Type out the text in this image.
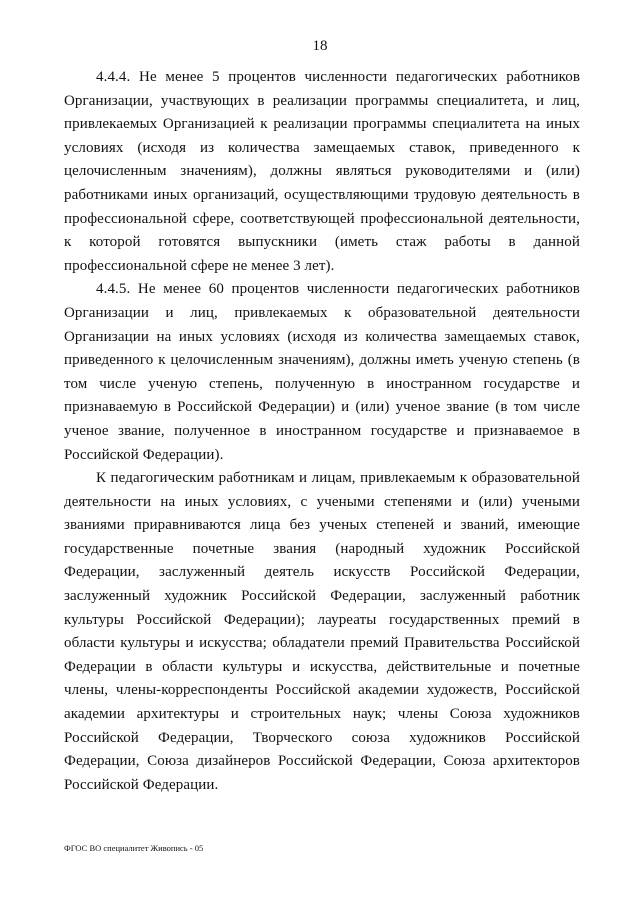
18

4.4.4. Не менее 5 процентов численности педагогических работников Организации, участвующих в реализации программы специалитета, и лиц, привлекаемых Организацией к реализации программы специалитета на иных условиях (исходя из количества замещаемых ставок, приведенного к целочисленным значениям), должны являться руководителями и (или) работниками иных организаций, осуществляющими трудовую деятельность в профессиональной сфере, соответствующей профессиональной деятельности, к которой готовятся выпускники (иметь стаж работы в данной профессиональной сфере не менее 3 лет).

4.4.5. Не менее 60 процентов численности педагогических работников Организации и лиц, привлекаемых к образовательной деятельности Организации на иных условиях (исходя из количества замещаемых ставок, приведенного к целочисленным значениям), должны иметь ученую степень (в том числе ученую степень, полученную в иностранном государстве и признаваемую в Российской Федерации) и (или) ученое звание (в том числе ученое звание, полученное в иностранном государстве и признаваемое в Российской Федерации).

К педагогическим работникам и лицам, привлекаемым к образовательной деятельности на иных условиях, с учеными степенями и (или) учеными званиями приравниваются лица без ученых степеней и званий, имеющие государственные почетные звания (народный художник Российской Федерации, заслуженный деятель искусств Российской Федерации, заслуженный художник Российской Федерации, заслуженный работник культуры Российской Федерации); лауреаты государственных премий в области культуры и искусства; обладатели премий Правительства Российской Федерации в области культуры и искусства, действительные и почетные члены, члены-корреспонденты Российской академии художеств, Российской академии архитектуры и строительных наук; члены Союза художников Российской Федерации, Творческого союза художников Российской Федерации, Союза дизайнеров Российской Федерации, Союза архитекторов Российской Федерации.

ФГОС ВО специалитет Живопись - 05
